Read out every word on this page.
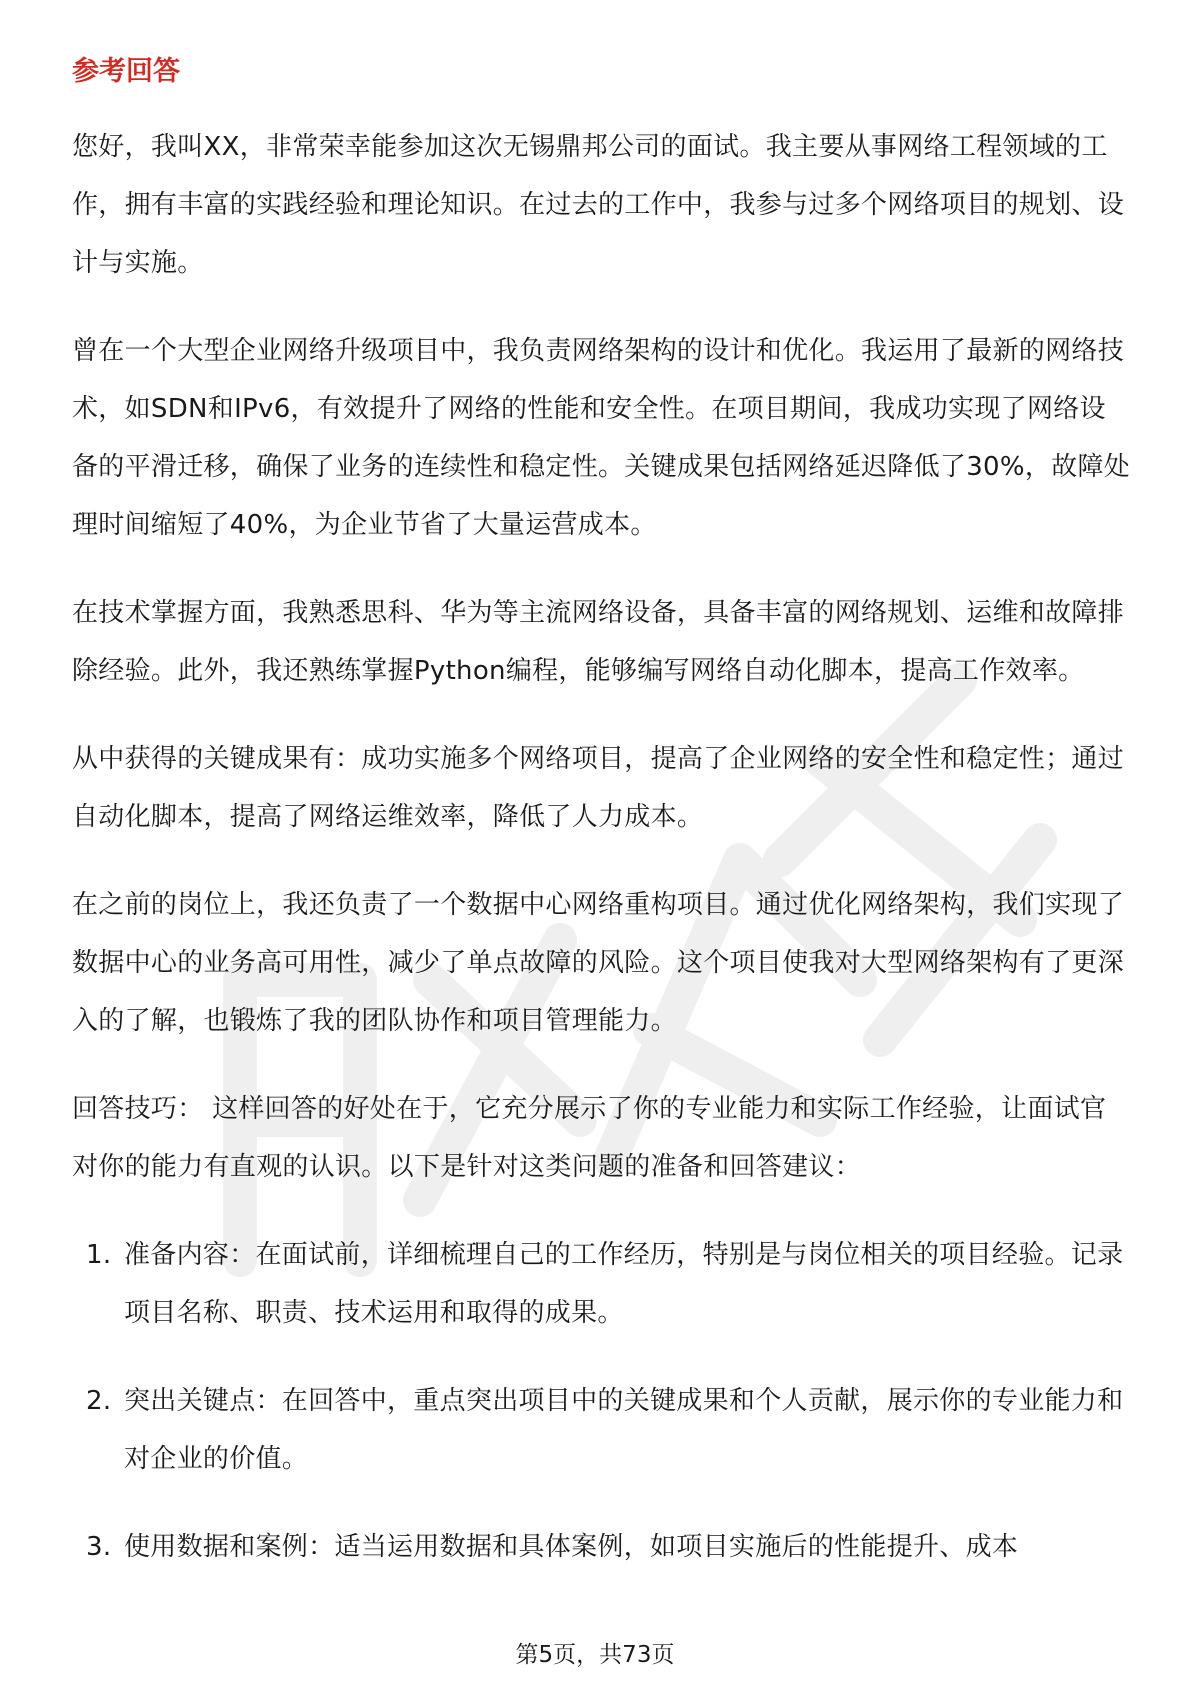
参考回答

您好，我叫XX，非常荣幸能参加这次无锡鼎邦公司的面试。我主要从事网络工程领域的工作，拥有丰富的实践经验和理论知识。在过去的工作中，我参与过多个网络项目的规划、设计与实施。

曾在一个大型企业网络升级项目中，我负责网络架构的设计和优化。我运用了最新的网络技术，如SDN和IPv6，有效提升了网络的性能和安全性。在项目期间，我成功实现了网络设备的平滑迁移，确保了业务的连续性和稳定性。关键成果包括网络延迟降低了30%，故障处理时间缩短了40%，为企业节省了大量运营成本。

在技术掌握方面，我熟悉思科、华为等主流网络设备，具备丰富的网络规划、运维和故障排除经验。此外，我还熟练掌握Python编程，能够编写网络自动化脚本，提高工作效率。

从中获得的关键成果有：成功实施多个网络项目，提高了企业网络的安全性和稳定性；通过自动化脚本，提高了网络运维效率，降低了人力成本。

在之前的岗位上，我还负责了一个数据中心网络重构项目。通过优化网络架构，我们实现了数据中心的业务高可用性，减少了单点故障的风险。这个项目使我对大型网络架构有了更深入的了解，也锻炼了我的团队协作和项目管理能力。

回答技巧： 这样回答的好处在于，它充分展示了你的专业能力和实际工作经验，让面试官对你的能力有直观的认识。以下是针对这类问题的准备和回答建议：

1. 准备内容：在面试前，详细梳理自己的工作经历，特别是与岗位相关的项目经验。记录项目名称、职责、技术运用和取得的成果。
2. 突出关键点：在回答中，重点突出项目中的关键成果和个人贡献，展示你的专业能力和对企业的价值。
3. 使用数据和案例：适当运用数据和具体案例，如项目实施后的性能提升、成本
第5页，共73页
